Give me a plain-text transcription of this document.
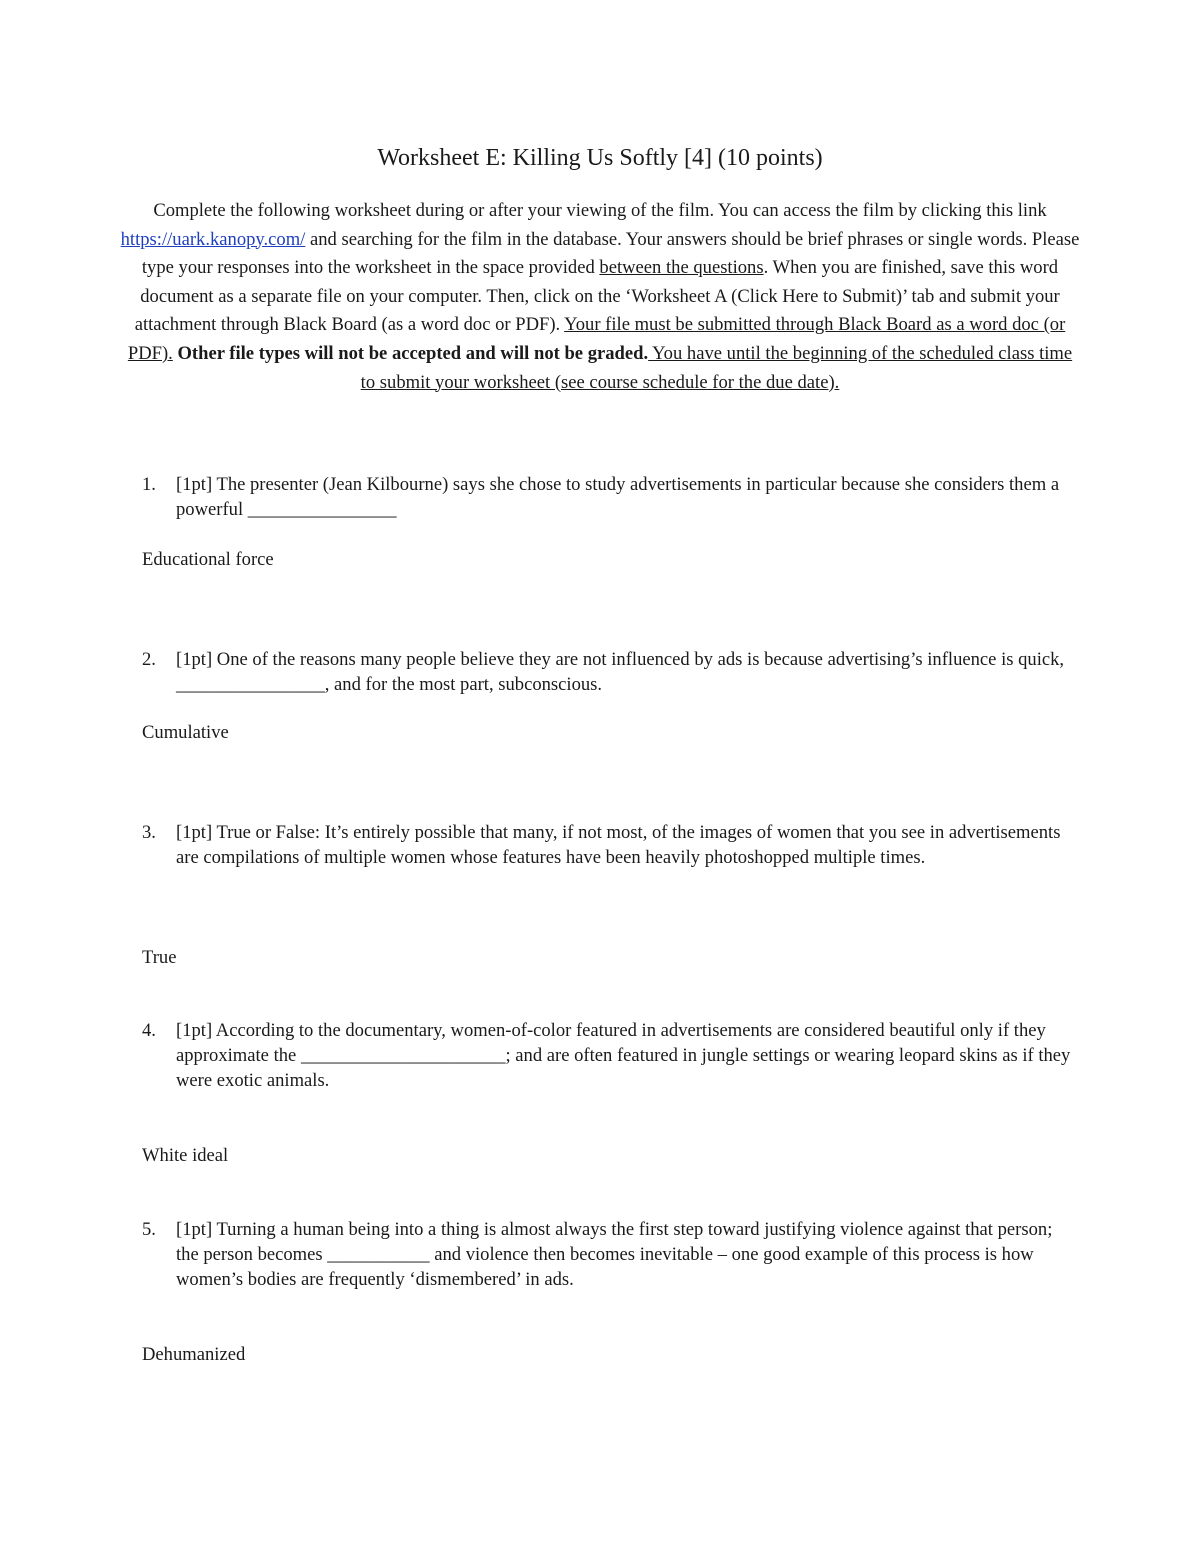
Worksheet E: Killing Us Softly [4] (10 points)
Complete the following worksheet during or after your viewing of the film. You can access the film by clicking this link https://uark.kanopy.com/ and searching for the film in the database. Your answers should be brief phrases or single words. Please type your responses into the worksheet in the space provided between the questions. When you are finished, save this word document as a separate file on your computer. Then, click on the ‘Worksheet A (Click Here to Submit)’ tab and submit your attachment through Black Board (as a word doc or PDF). Your file must be submitted through Black Board as a word doc (or PDF). Other file types will not be accepted and will not be graded. You have until the beginning of the scheduled class time to submit your worksheet (see course schedule for the due date).
1. [1pt] The presenter (Jean Kilbourne) says she chose to study advertisements in particular because she considers them a powerful ________________
Educational force
2. [1pt] One of the reasons many people believe they are not influenced by ads is because advertising’s influence is quick, ________________, and for the most part, subconscious.
Cumulative
3. [1pt] True or False: It’s entirely possible that many, if not most, of the images of women that you see in advertisements are compilations of multiple women whose features have been heavily photoshopped multiple times.
True
4. [1pt] According to the documentary, women-of-color featured in advertisements are considered beautiful only if they approximate the ______________________; and are often featured in jungle settings or wearing leopard skins as if they were exotic animals.
White ideal
5. [1pt] Turning a human being into a thing is almost always the first step toward justifying violence against that person; the person becomes ___________ and violence then becomes inevitable – one good example of this process is how women’s bodies are frequently ‘dismembered’ in ads.
Dehumanized
